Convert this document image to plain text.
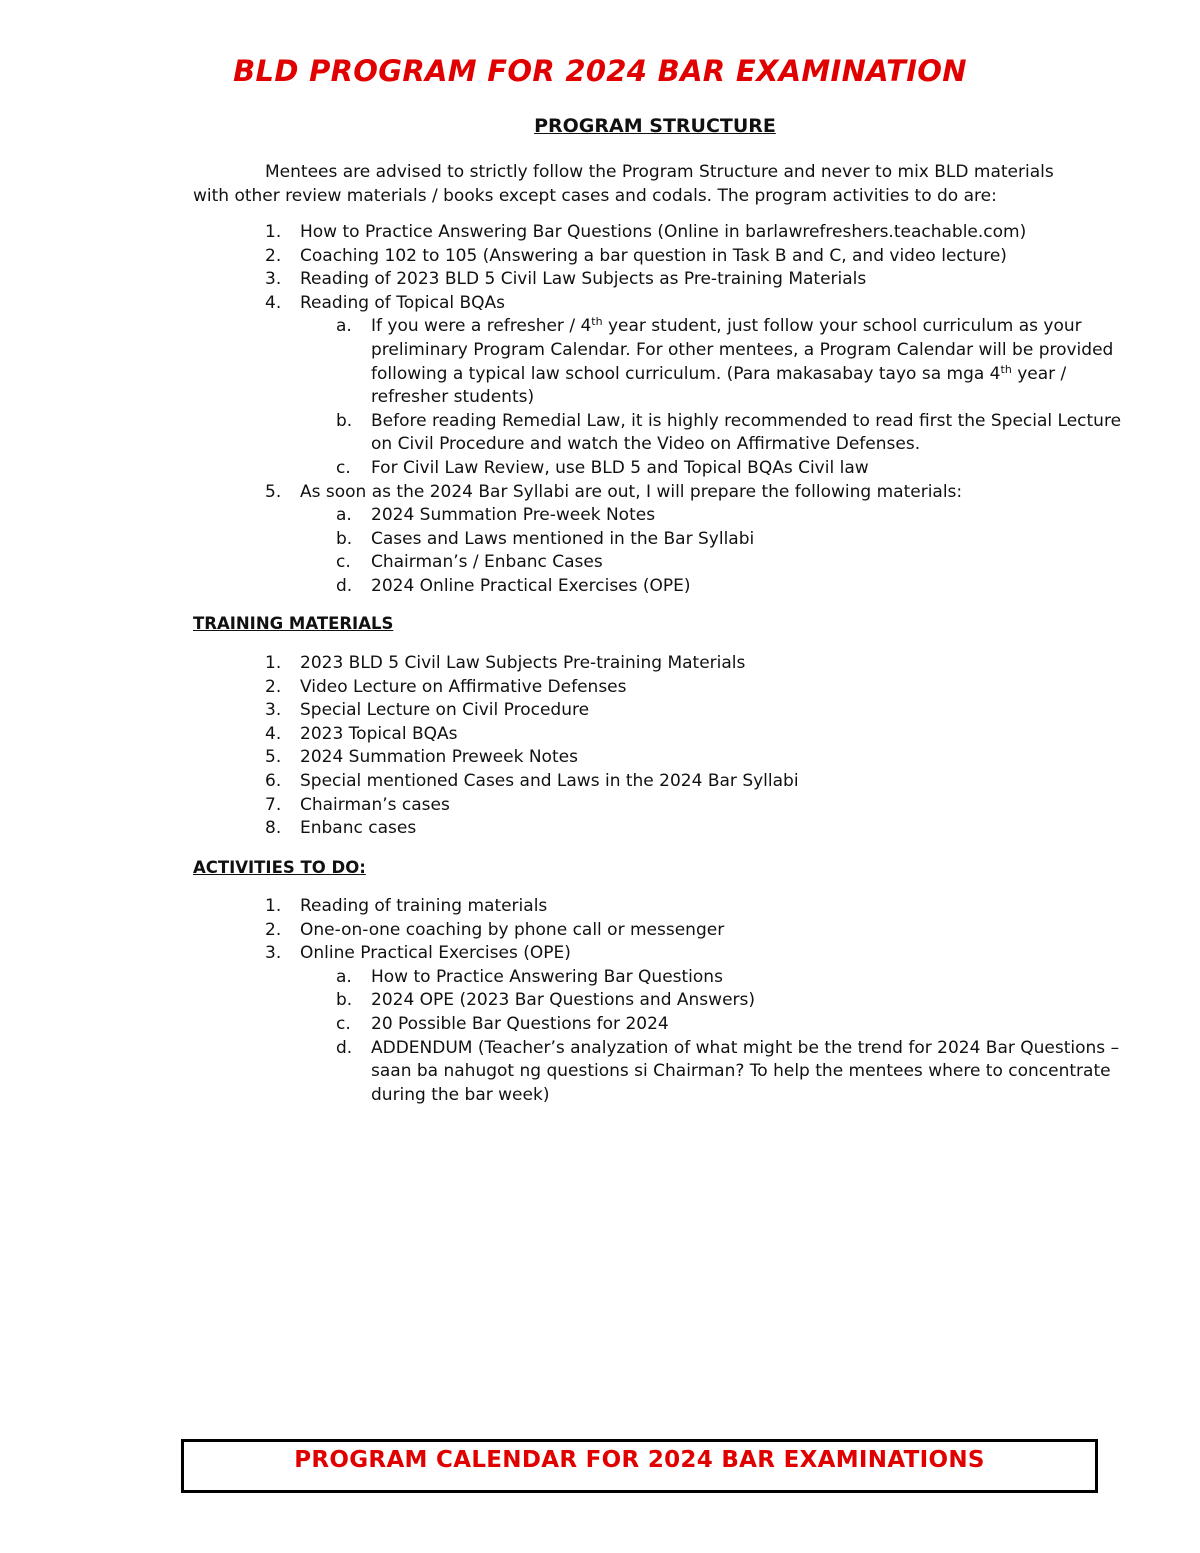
BLD PROGRAM FOR 2024 BAR EXAMINATION
PROGRAM STRUCTURE
Mentees are advised to strictly follow the Program Structure and never to mix BLD materials
with other review materials / books except cases and codals. The program activities to do are:
1. How to Practice Answering Bar Questions (Online in barlawrefreshers.teachable.com)
2. Coaching 102 to 105 (Answering a bar question in Task B and C, and video lecture)
3. Reading of 2023 BLD 5 Civil Law Subjects as Pre-training Materials
4. Reading of Topical BQAs
a. If you were a refresher / 4th year student, just follow your school curriculum as your preliminary Program Calendar. For other mentees, a Program Calendar will be provided following a typical law school curriculum. (Para makasabay tayo sa mga 4th year / refresher students)
b. Before reading Remedial Law, it is highly recommended to read first the Special Lecture on Civil Procedure and watch the Video on Affirmative Defenses.
c. For Civil Law Review, use BLD 5 and Topical BQAs Civil law
5. As soon as the 2024 Bar Syllabi are out, I will prepare the following materials:
a. 2024 Summation Pre-week Notes
b. Cases and Laws mentioned in the Bar Syllabi
c. Chairman’s / Enbanc Cases
d. 2024 Online Practical Exercises (OPE)
TRAINING MATERIALS
1. 2023 BLD 5 Civil Law Subjects Pre-training Materials
2. Video Lecture on Affirmative Defenses
3. Special Lecture on Civil Procedure
4. 2023 Topical BQAs
5. 2024 Summation Preweek Notes
6. Special mentioned Cases and Laws in the 2024 Bar Syllabi
7. Chairman’s cases
8. Enbanc cases
ACTIVITIES TO DO:
1. Reading of training materials
2. One-on-one coaching by phone call or messenger
3. Online Practical Exercises (OPE)
a. How to Practice Answering Bar Questions
b. 2024 OPE (2023 Bar Questions and Answers)
c. 20 Possible Bar Questions for 2024
d. ADDENDUM (Teacher’s analyzation of what might be the trend for 2024 Bar Questions – saan ba nahugot ng questions si Chairman? To help the mentees where to concentrate during the bar week)
PROGRAM CALENDAR FOR 2024 BAR EXAMINATIONS
